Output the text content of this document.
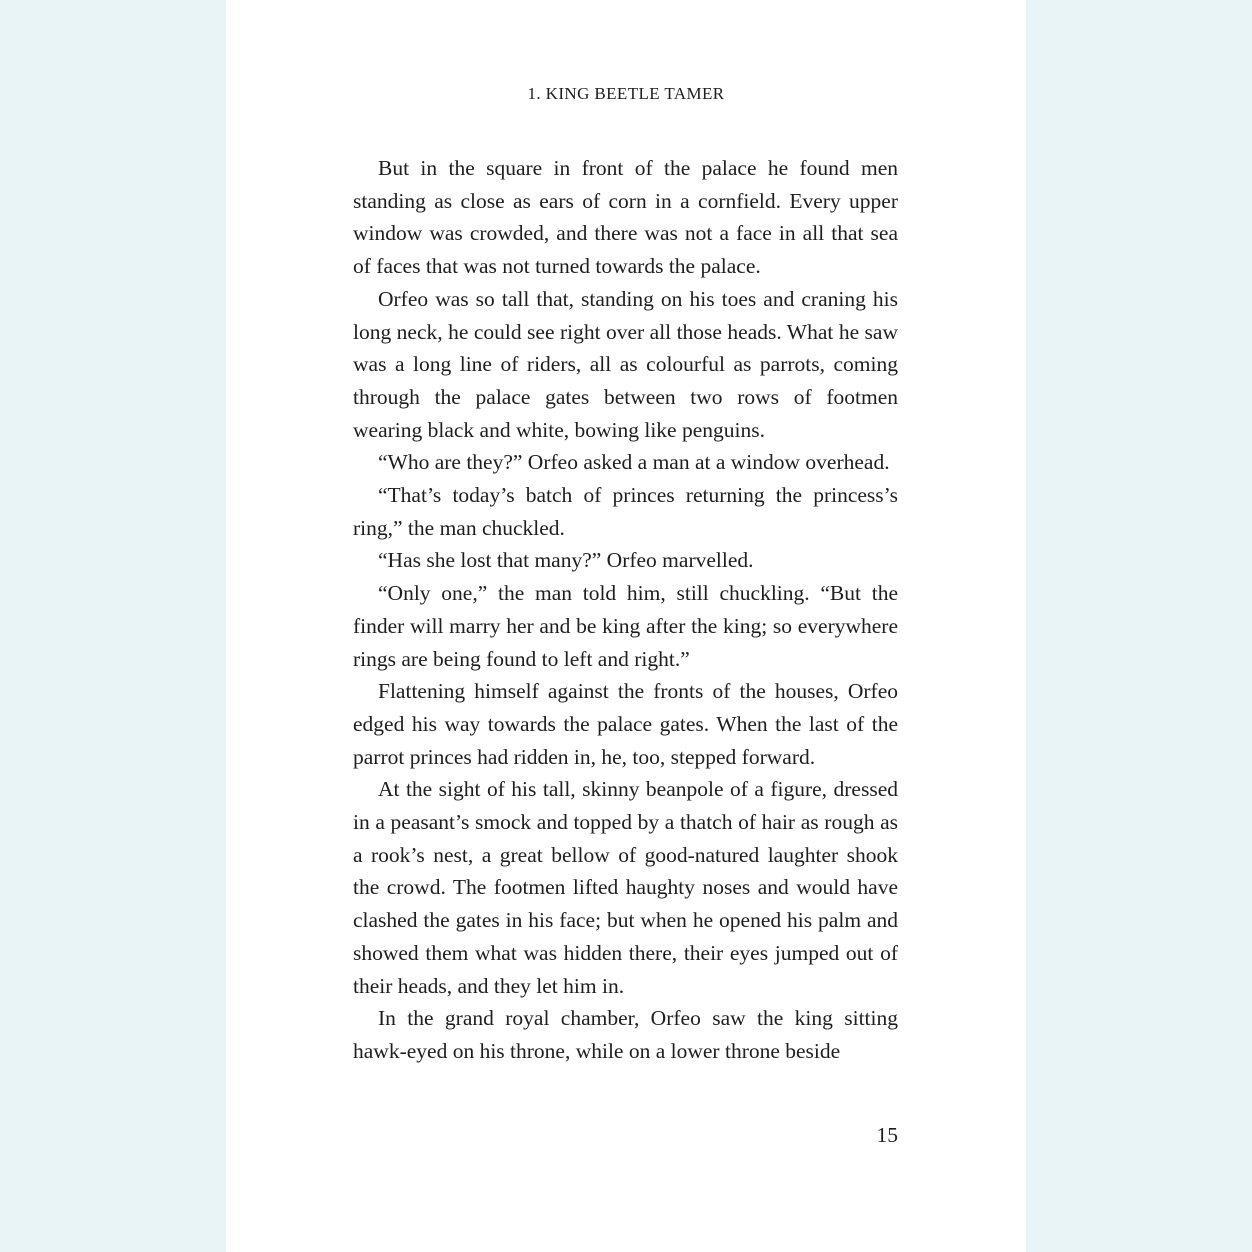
1. KING BEETLE TAMER

But in the square in front of the palace he found men standing as close as ears of corn in a cornfield. Every upper window was crowded, and there was not a face in all that sea of faces that was not turned towards the palace.

Orfeo was so tall that, standing on his toes and craning his long neck, he could see right over all those heads. What he saw was a long line of riders, all as colourful as parrots, coming through the palace gates between two rows of footmen wearing black and white, bowing like penguins.

“Who are they?” Orfeo asked a man at a window overhead.

“That’s today’s batch of princes returning the princess’s ring,” the man chuckled.

“Has she lost that many?” Orfeo marvelled.

“Only one,” the man told him, still chuckling. “But the finder will marry her and be king after the king; so everywhere rings are being found to left and right.”

Flattening himself against the fronts of the houses, Orfeo edged his way towards the palace gates. When the last of the parrot princes had ridden in, he, too, stepped forward.

At the sight of his tall, skinny beanpole of a figure, dressed in a peasant’s smock and topped by a thatch of hair as rough as a rook’s nest, a great bellow of good-natured laughter shook the crowd. The footmen lifted haughty noses and would have clashed the gates in his face; but when he opened his palm and showed them what was hidden there, their eyes jumped out of their heads, and they let him in.

In the grand royal chamber, Orfeo saw the king sitting hawk-eyed on his throne, while on a lower throne beside

15
